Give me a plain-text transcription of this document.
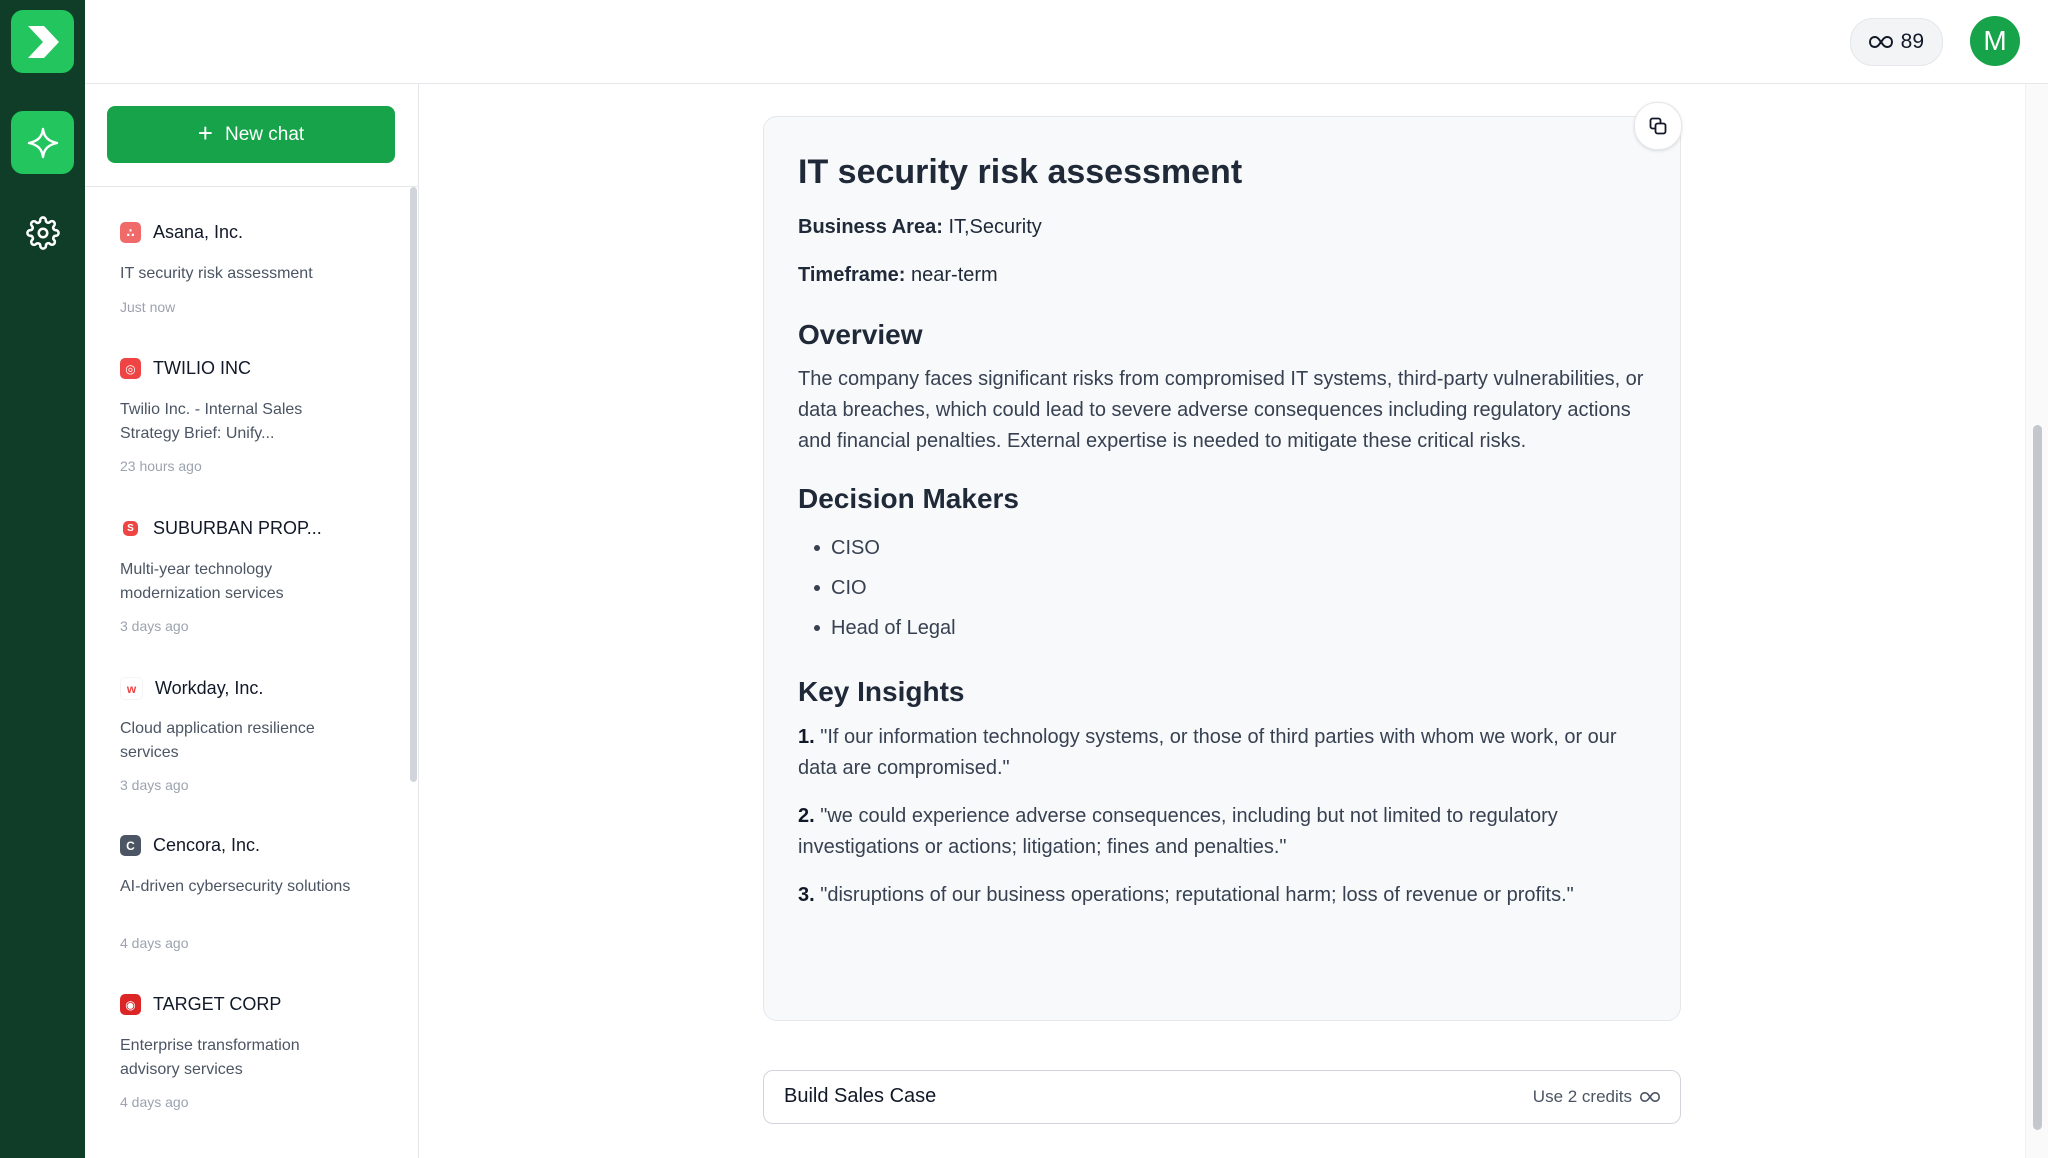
89	M
+ New chat
∴	Asana, Inc.
IT security risk assessment
Just now
◎ TWILIO INC
Twilio Inc. - Internal Sales Strategy Brief: Unify...
23 hours ago
S SUBURBAN PROP...
Multi-year technology modernization services
3 days ago
w	Workday, Inc.
Cloud application resilience services
3 days ago
C	Cencora, Inc.
AI-driven cybersecurity solutions
4 days ago
◉ TARGET CORP
Enterprise transformation advisory services
4 days ago
IT security risk assessment

Business Area: IT,Security

Timeframe: near-term

Overview

The company faces significant risks from compromised IT systems, third-party vulnerabilities, or data breaches, which could lead to severe adverse consequences including regulatory actions and financial penalties. External expertise is needed to mitigate these critical risks.

Decision Makers
CISO
CIO
Head of Legal
Key Insights

1. "If our information technology systems, or those of third parties with whom we work, or our data are compromised."

2. "we could experience adverse consequences, including but not limited to regulatory investigations or actions; litigation; fines and penalties."

3. "disruptions of our business operations; reputational harm; loss of revenue or profits."

Build Sales Case	Use 2 credits
